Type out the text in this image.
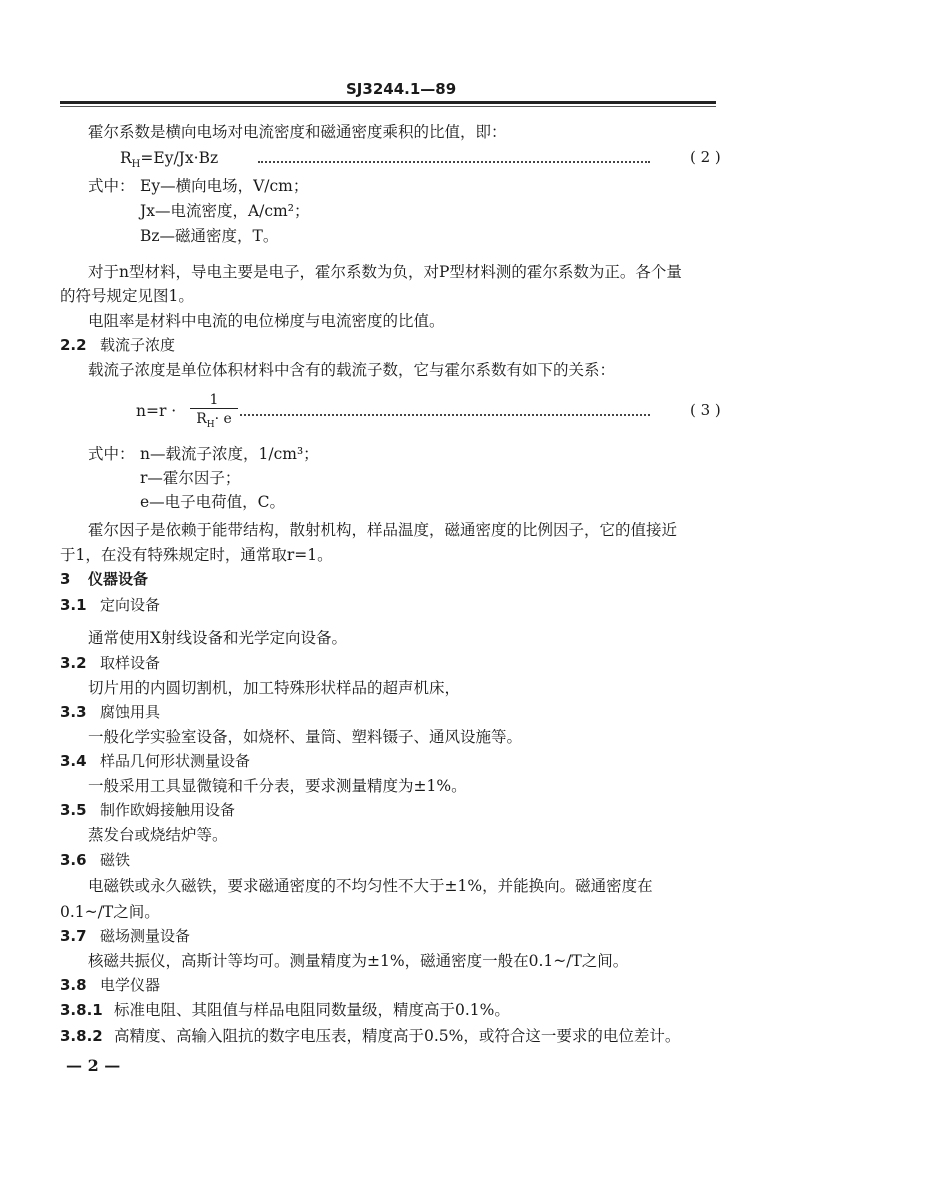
SJ3244.1—89
霍尔系数是横向电场对电流密度和磁通密度乘积的比值，即：
$R_H=Ey/Jx\cdot Bz$	( 2 )
式中： Ey—横向电场，V/cm；
Jx—电流密度，A/cm²；
Bz—磁通密度，T。
对于n型材料，导电主要是电子，霍尔系数为负，对P型材料测的霍尔系数为正。各个量
的符号规定见图1。
电阻率是材料中电流的电位梯度与电流密度的比值。
2.2 载流子浓度
载流子浓度是单位体积材料中含有的载流子数，它与霍尔系数有如下的关系：
$n=r \cdot \frac{1}{R_H\cdot e}$	( 3 )
式中： n—载流子浓度，1/cm³；
r—霍尔因子；
e—电子电荷值，C。
霍尔因子是依赖于能带结构，散射机构，样品温度，磁通密度的比例因子，它的值接近
于1，在没有特殊规定时，通常取r=1。
3 仪器设备
3.1 定向设备
通常使用X射线设备和光学定向设备。
3.2 取样设备
切片用的内圆切割机，加工特殊形状样品的超声机床，
3.3 腐蚀用具
一般化学实验室设备，如烧杯、量筒、塑料镊子、通风设施等。
3.4 样品几何形状测量设备
一般采用工具显微镜和千分表，要求测量精度为±1%。
3.5 制作欧姆接触用设备
蒸发台或烧结炉等。
3.6 磁铁
电磁铁或永久磁铁，要求磁通密度的不均匀性不大于±1%，并能换向。磁通密度在
0.1~/T之间。
3.7 磁场测量设备
核磁共振仪，高斯计等均可。测量精度为±1%，磁通密度一般在0.1~/T之间。
3.8 电学仪器
3.8.1 标准电阻、其阻值与样品电阻同数量级，精度高于0.1%。
3.8.2 高精度、高输入阻抗的数字电压表，精度高于0.5%，或符合这一要求的电位差计。
— 2 —
